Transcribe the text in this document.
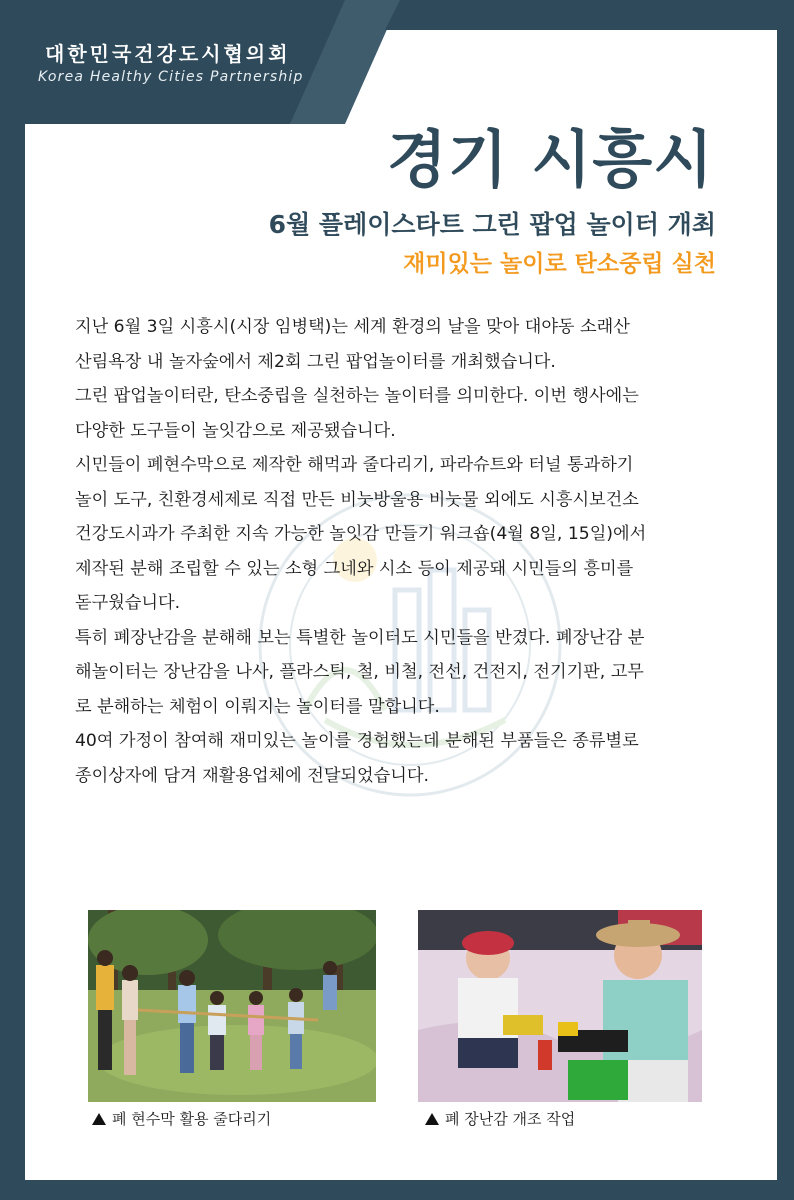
대한민국건강도시협의회
Korea Healthy Cities Partnership
경기 시흥시
6월 플레이스타트 그린 팝업 놀이터 개최
재미있는 놀이로 탄소중립 실천

지난 6월 3일 시흥시(시장 임병택)는 세계 환경의 날을 맞아 대야동 소래산

산림욕장 내 놀자숲에서 제2회 그린 팝업놀이터를 개최했습니다.

그린 팝업놀이터란, 탄소중립을 실천하는 놀이터를 의미한다. 이번 행사에는

다양한 도구들이 놀잇감으로 제공됐습니다.

시민들이 폐현수막으로 제작한 해먹과 줄다리기, 파라슈트와 터널 통과하기

놀이 도구, 친환경세제로 직접 만든 비눗방울용 비눗물 외에도 시흥시보건소

건강도시과가 주최한 지속 가능한 놀잇감 만들기 워크숍(4월 8일, 15일)에서

제작된 분해 조립할 수 있는 소형 그네와 시소 등이 제공돼 시민들의 흥미를

돋구웠습니다.

특히 폐장난감을 분해해 보는 특별한 놀이터도 시민들을 반겼다. 폐장난감 분

해놀이터는 장난감을 나사, 플라스틱, 철, 비철, 전선, 건전지, 전기기판, 고무

로 분해하는 체험이 이뤄지는 놀이터를 말합니다.

40여 가정이 참여해 재미있는 놀이를 경험했는데 분해된 부품들은 종류별로

종이상자에 담겨 재활용업체에 전달되었습니다.

폐 현수막 활용 줄다리기	폐 장난감 개조 작업
